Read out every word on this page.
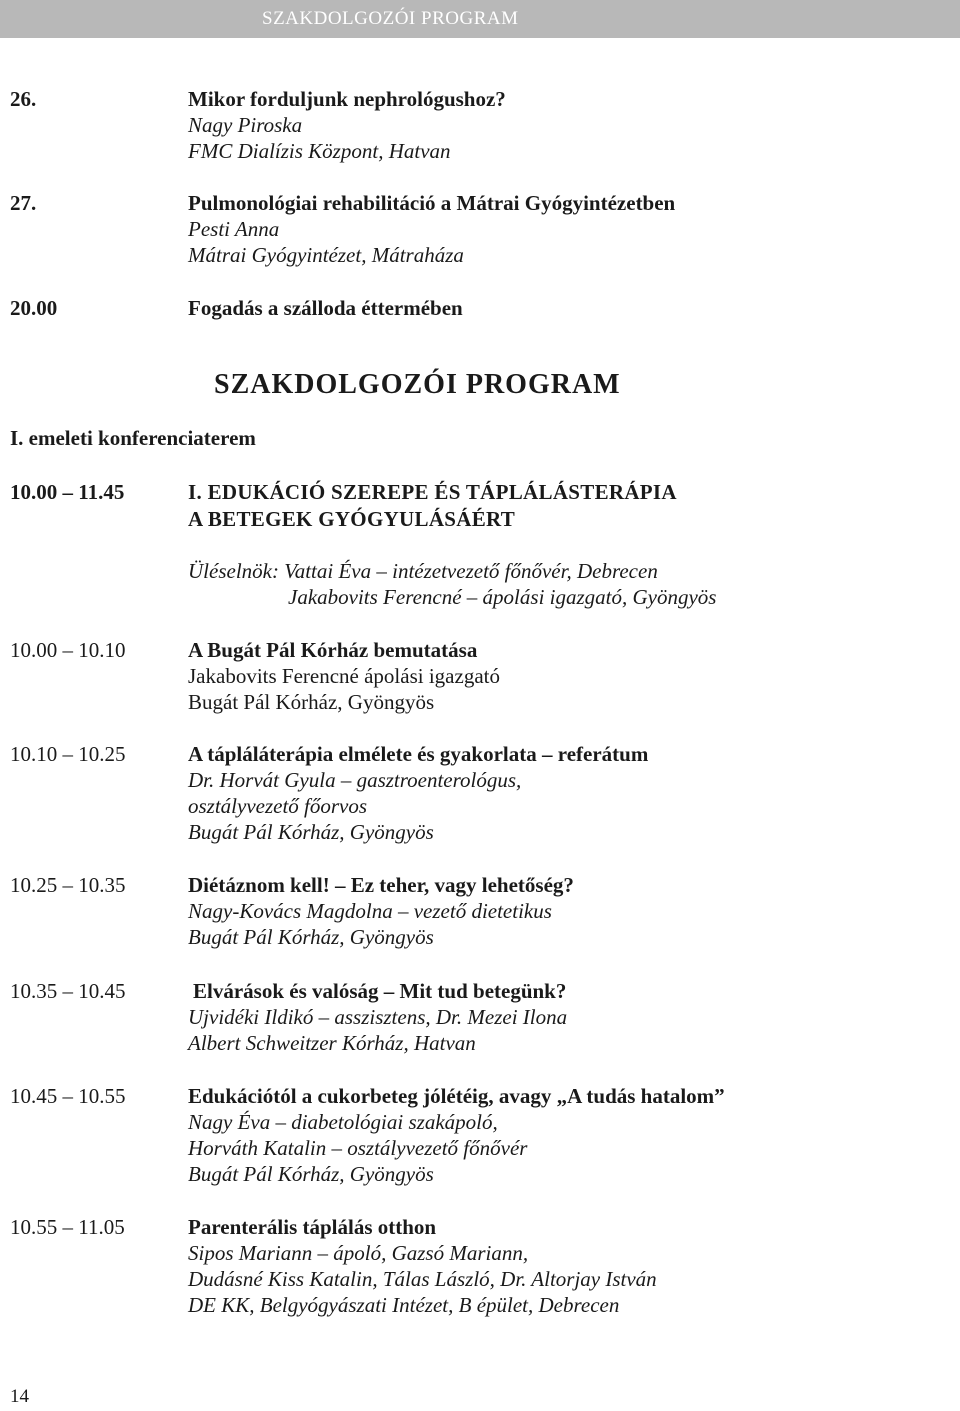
SZAKDOLGOZÓI PROGRAM
26.	Mikor forduljunk nephrológushoz?
Nagy Piroska
FMC Dialízis Központ, Hatvan
27.	Pulmonológiai rehabilitáció a Mátrai Gyógyintézetben
Pesti Anna
Mátrai Gyógyintézet, Mátraháza
20.00	Fogadás a szálloda éttermében
SZAKDOLGOZÓI PROGRAM
I. emeleti konferenciaterem
10.00 – 11.45	I. EDUKÁCIÓ SZEREPE ÉS TÁPLÁLÁSTERÁPIA
A BETEGEK GYÓGYULÁSÁÉRT
Üléselnök: Vattai Éva – intézetvezető főnővér, Debrecen
Jakabovits Ferencné – ápolási igazgató, Gyöngyös
10.00 – 10.10	A Bugát Pál Kórház bemutatása
Jakabovits Ferencné ápolási igazgató
Bugát Pál Kórház, Gyöngyös
10.10 – 10.25	A tápláláterápia elmélete és gyakorlata – referátum
Dr. Horvát Gyula – gasztroenterológus,
osztályvezető főorvos
Bugát Pál Kórház, Gyöngyös
10.25 – 10.35	Diétáznom kell! – Ez teher, vagy lehetőség?
Nagy-Kovács Magdolna – vezető dietetikus
Bugát Pál Kórház, Gyöngyös
10.35 – 10.45	Elvárások és valóság – Mit tud betegünk?
Ujvidéki Ildikó – asszisztens, Dr. Mezei Ilona
Albert Schweitzer Kórház, Hatvan
10.45 – 10.55	Edukációtól a cukorbeteg jólétéig, avagy „A tudás hatalom”
Nagy Éva – diabetológiai szakápoló,
Horváth Katalin – osztályvezető főnővér
Bugát Pál Kórház, Gyöngyös
10.55 – 11.05	Parenterális táplálás otthon
Sipos Mariann – ápoló, Gazsó Mariann,
Dudásné Kiss Katalin, Tálas László, Dr. Altorjay István
DE KK, Belgyógyászati Intézet, B épület, Debrecen
14
